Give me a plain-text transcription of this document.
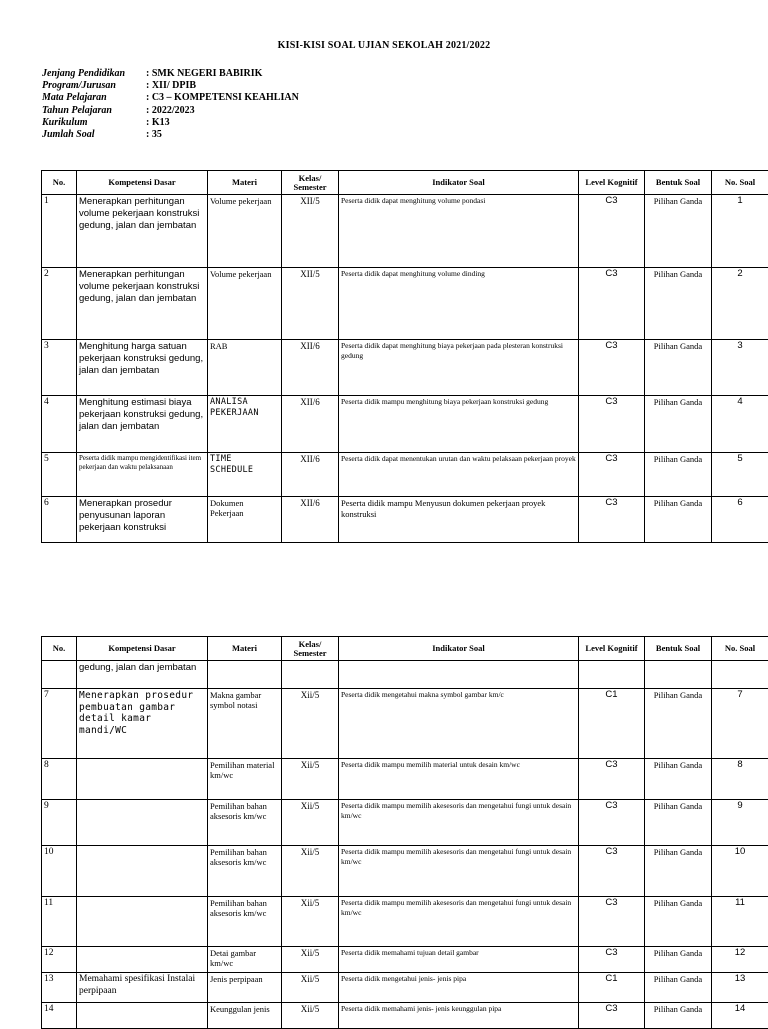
KISI-KISI SOAL UJIAN SEKOLAH 2021/2022
Jenjang Pendidikan	: SMK NEGERI BABIRIK
Program/Jurusan	: XII/ DPIB
Mata Pelajaran	: C3 – KOMPETENSI KEAHLIAN
Tahun Pelajaran	: 2022/2023
Kurikulum	: K13
Jumlah Soal	: 35
No.	Kompetensi Dasar	Materi	Kelas/ Semester	Indikator Soal	Level Kognitif	Bentuk Soal	No. Soal
1	Menerapkan perhitungan volume pekerjaan konstruksi gedung, jalan dan jembatan	Volume pekerjaan	XII/5	Peserta didik dapat menghitung volume pondasi	C3	Pilihan Ganda	1
2	Menerapkan perhitungan volume pekerjaan konstruksi gedung, jalan dan jembatan	Volume pekerjaan	XII/5	Peserta didik dapat menghitung volume dinding	C3	Pilihan Ganda	2
3	Menghitung harga satuan pekerjaan konstruksi gedung, jalan dan jembatan	RAB	XII/6	Peserta didik dapat menghitung biaya pekerjaan pada plesteran konstruksi gedung	C3	Pilihan Ganda	3
4	Menghitung estimasi biaya pekerjaan konstruksi gedung, jalan dan jembatan	ANALISA PEKERJAAN	XII/6	Peserta didik mampu menghitung biaya pekerjaan konstruksi gedung	C3	Pilihan Ganda	4
5	Peserta didik mampu mengidentifikasi item pekerjaan dan waktu pelaksanaan	TIME SCHEDULE	XII/6	Peserta didik dapat menentukan urutan dan waktu pelaksaan pekerjaan proyek	C3	Pilihan Ganda	5
6	Menerapkan prosedur penyusunan laporan pekerjaan konstruksi	Dokumen Pekerjaan	XII/6	Peserta didik mampu Menyusun dokumen pekerjaan proyek konstruksi	C3	Pilihan Ganda	6
No.	Kompetensi Dasar	Materi	Kelas/ Semester	Indikator Soal	Level Kognitif	Bentuk Soal	No. Soal
	gedung, jalan dan jembatan						
7	Menerapkan prosedur pembuatan gambar detail kamar mandi/WC	Makna gambar symbol notasi	Xii/5	Peserta didik mengetahui makna symbol gambar km/c	C1	Pilihan Ganda	7
8		Pemilihan material km/wc	Xii/5	Peserta didik mampu memilih material untuk desain km/wc	C3	Pilihan Ganda	8
9		Pemilihan bahan aksesoris km/wc	Xii/5	Peserta didik mampu memilih akesesoris dan mengetahui fungi untuk desain km/wc	C3	Pilihan Ganda	9
10		Pemilihan bahan aksesoris km/wc	Xii/5	Peserta didik mampu memilih akesesoris dan mengetahui fungi untuk desain km/wc	C3	Pilihan Ganda	10
11		Pemilihan bahan aksesoris km/wc	Xii/5	Peserta didik mampu memilih akesesoris dan mengetahui fungi untuk desain km/wc	C3	Pilihan Ganda	11
12		Detai gambar km/wc	Xii/5	Peserta didik memahami tujuan detail gambar	C3	Pilihan Ganda	12
13	Memahami spesifikasi Instalai perpipaan	Jenis perpipaan	Xii/5	Peserta didik mengetahui jenis- jenis pipa	C1	Pilihan Ganda	13
14		Keunggulan jenis	Xii/5	Peserta didik memahami jenis- jenis keunggulan pipa	C3	Pilihan Ganda	14
